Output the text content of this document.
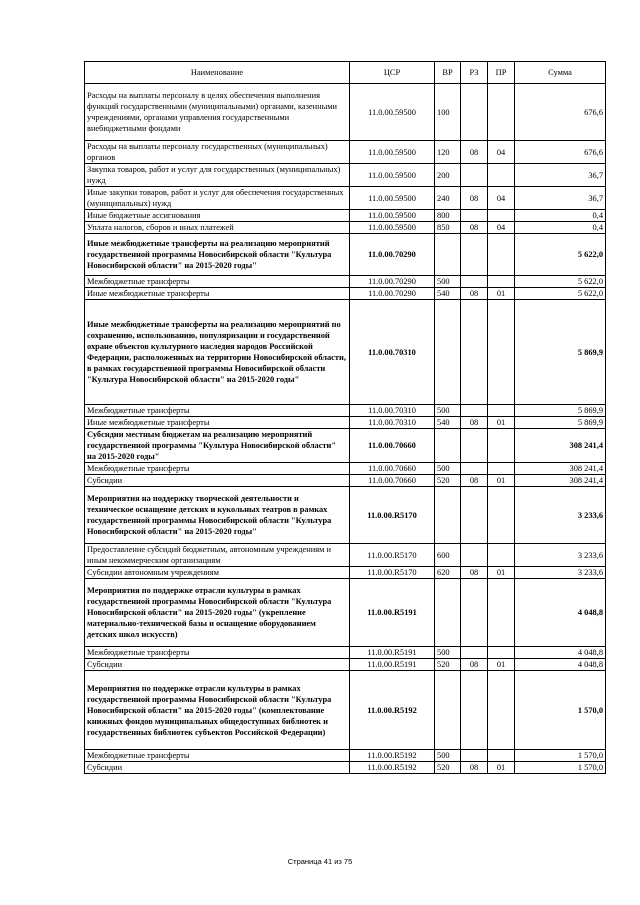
Наименование	ЦСР	ВР	РЗ	ПР	Сумма
Расходы на выплаты персоналу в целях обеспечения выполнения функций государственными (муниципальными) органами, казенными учреждениями, органами управления государственными внебюджетными фондами	11.0.00.59500	100			676,6
Расходы на выплаты персоналу государственных (муниципальных) органов	11.0.00.59500	120	08	04	676,6
Закупка товаров, работ и услуг для государственных (муниципальных) нужд	11.0.00.59500	200			36,7
Иные закупки товаров, работ и услуг для обеспечения государственных (муниципальных) нужд	11.0.00.59500	240	08	04	36,7
Иные бюджетные ассигнования	11.0.00.59500	800			0,4
Уплата налогов, сборов и иных платежей	11.0.00.59500	850	08	04	0,4
Иные межбюджетные трансферты на реализацию мероприятий государственной программы Новосибирской области "Культура Новосибирской области" на 2015-2020 годы"	11.0.00.70290				5 622,0
Межбюджетные трансферты	11.0.00.70290	500			5 622,0
Иные межбюджетные трансферты	11.0.00.70290	540	08	01	5 622,0
Иные межбюджетные трансферты на реализацию мероприятий по сохранению, использованию, популяризации и государственной охране объектов культурного наследия народов Российской Федерации, расположенных на территории Новосибирской области, в рамках государственной программы Новосибирской области "Культура Новосибирской области" на 2015-2020 годы"	11.0.00.70310				5 869,9
Межбюджетные трансферты	11.0.00.70310	500			5 869,9
Иные межбюджетные трансферты	11.0.00.70310	540	08	01	5 869,9
Субсидии местным бюджетам на реализацию мероприятий государственной программы "Культура Новосибирской области" на 2015-2020 годы"	11.0.00.70660				308 241,4
Межбюджетные трансферты	11.0.00.70660	500			308 241,4
Субсидии	11.0.00.70660	520	08	01	308 241,4
Мероприятия на поддержку творческой деятельности и техническое оснащение детских и кукольных театров в рамках государственной программы Новосибирской области "Культура Новосибирской области" на 2015-2020 годы"	11.0.00.R5170				3 233,6
Предоставление субсидий бюджетным, автономным учреждениям и иным некоммерческим организациям	11.0.00.R5170	600			3 233,6
Субсидии автономным учреждениям	11.0.00.R5170	620	08	01	3 233,6
Мероприятия по поддержке отрасли культуры в рамках государственной программы Новосибирской области "Культура Новосибирской области" на 2015-2020 годы" (укрепление материально-технической базы и оснащение оборудованием детских школ искусств)	11.0.00.R5191				4 048,8
Межбюджетные трансферты	11.0.00.R5191	500			4 048,8
Субсидии	11.0.00.R5191	520	08	01	4 048,8
Мероприятия по поддержке отрасли культуры в рамках государственной программы Новосибирской области "Культура Новосибирской области" на 2015-2020 годы" (комплектование книжных фондов муниципальных общедоступных библиотек и государственных библиотек субъектов Российской Федерации)	11.0.00.R5192				1 570,0
Межбюджетные трансферты	11.0.00.R5192	500			1 570,0
Субсидии	11.0.00.R5192	520	08	01	1 570,0
Страница 41 из 75
